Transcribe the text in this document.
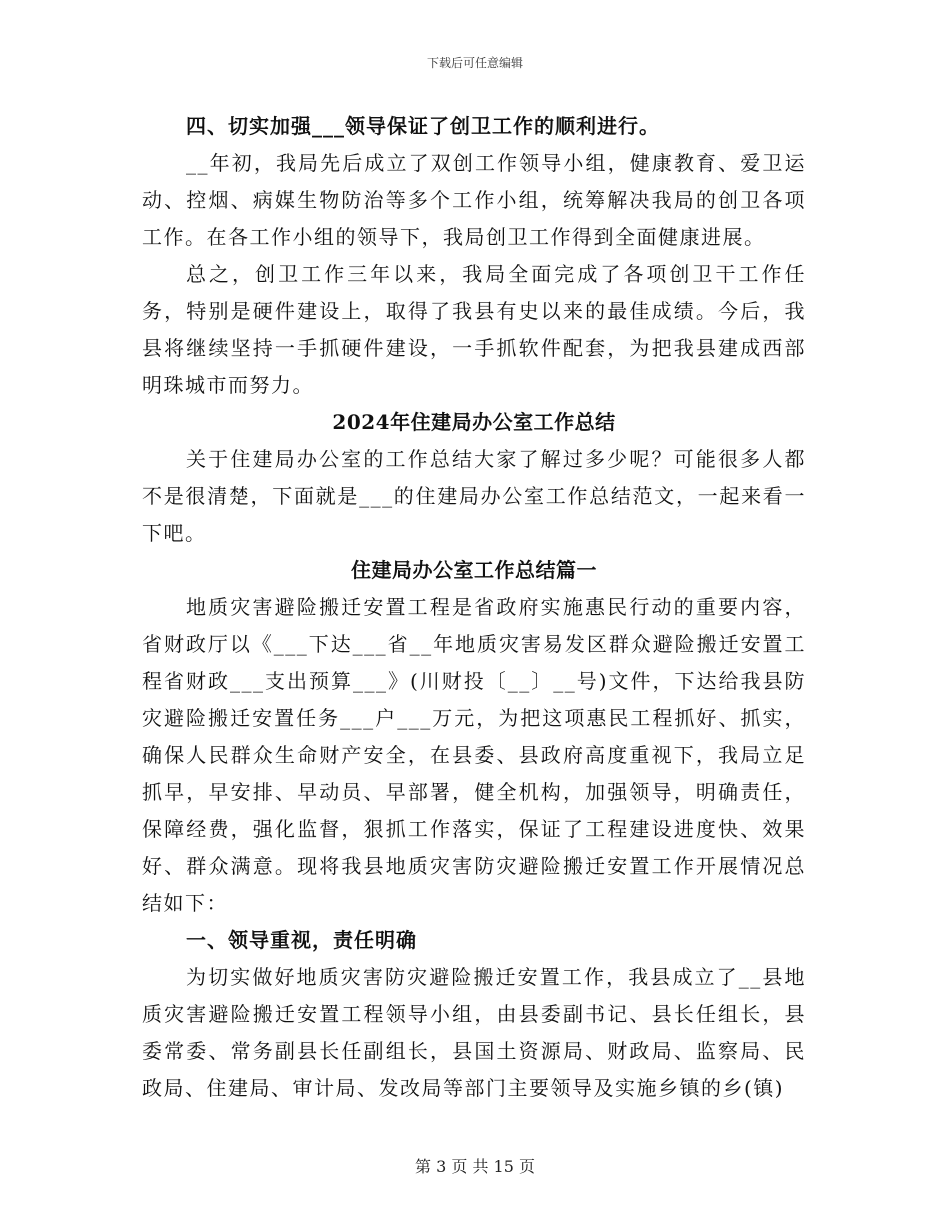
下载后可任意编辑

四、切实加强___领导保证了创卫工作的顺利进行。

__年初，我局先后成立了双创工作领导小组，健康教育、爱卫运动、控烟、病媒生物防治等多个工作小组，统筹解决我局的创卫各项工作。在各工作小组的领导下，我局创卫工作得到全面健康进展。

总之，创卫工作三年以来，我局全面完成了各项创卫干工作任务，特别是硬件建设上，取得了我县有史以来的最佳成绩。今后，我县将继续坚持一手抓硬件建设，一手抓软件配套，为把我县建成西部明珠城市而努力。

2024年住建局办公室工作总结

关于住建局办公室的工作总结大家了解过多少呢？可能很多人都不是很清楚，下面就是___的住建局办公室工作总结范文，一起来看一下吧。

住建局办公室工作总结篇一

地质灾害避险搬迁安置工程是省政府实施惠民行动的重要内容，省财政厅以《___下达___省__年地质灾害易发区群众避险搬迁安置工程省财政___支出预算___》(川财投〔__〕__号)文件，下达给我县防灾避险搬迁安置任务___户___万元，为把这项惠民工程抓好、抓实，确保人民群众生命财产安全，在县委、县政府高度重视下，我局立足抓早，早安排、早动员、早部署，健全机构，加强领导，明确责任，保障经费，强化监督，狠抓工作落实，保证了工程建设进度快、效果好、群众满意。现将我县地质灾害防灾避险搬迁安置工作开展情况总结如下：

一、领导重视，责任明确

为切实做好地质灾害防灾避险搬迁安置工作，我县成立了__县地质灾害避险搬迁安置工程领导小组，由县委副书记、县长任组长，县委常委、常务副县长任副组长，县国土资源局、财政局、监察局、民政局、住建局、审计局、发改局等部门主要领导及实施乡镇的乡(镇)

第 3 页 共 15 页
